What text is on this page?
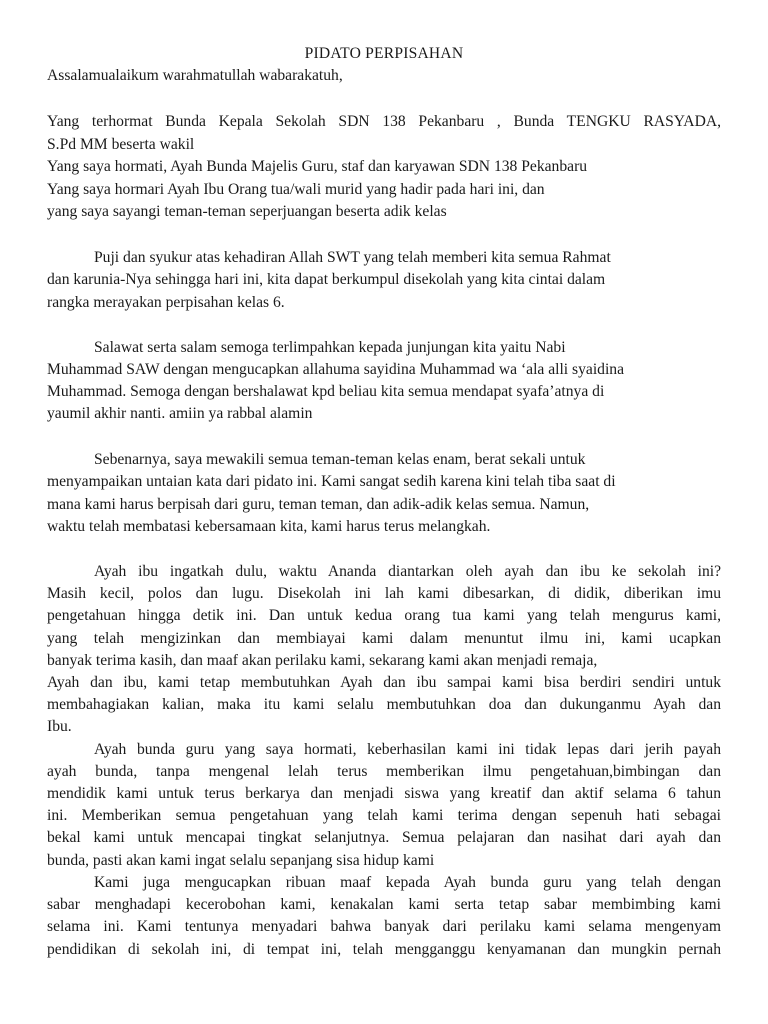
PIDATO PERPISAHAN
Assalamualaikum warahmatullah wabarakatuh,
Yang terhormat Bunda Kepala Sekolah SDN 138 Pekanbaru , Bunda TENGKU RASYADA,
S.Pd MM beserta wakil
Yang saya hormati, Ayah Bunda Majelis Guru, staf dan karyawan SDN 138 Pekanbaru
Yang saya hormari Ayah Ibu Orang tua/wali murid yang hadir pada hari ini, dan
yang saya sayangi teman-teman seperjuangan beserta adik kelas
Puji dan syukur atas kehadiran Allah SWT yang telah memberi kita semua Rahmat
dan karunia-Nya sehingga hari ini, kita dapat berkumpul disekolah yang kita cintai dalam
rangka merayakan perpisahan kelas 6.
Salawat serta salam semoga terlimpahkan kepada junjungan kita yaitu Nabi
Muhammad SAW dengan mengucapkan allahuma sayidina Muhammad wa ‘ala alli syaidina
Muhammad. Semoga dengan bershalawat kpd beliau kita semua mendapat syafa’atnya di
yaumil akhir nanti. amiin ya rabbal alamin
Sebenarnya, saya mewakili semua teman-teman kelas enam, berat sekali untuk
menyampaikan untaian kata dari pidato ini. Kami sangat sedih karena kini telah tiba saat di
mana kami harus berpisah dari guru, teman teman, dan adik-adik kelas semua. Namun,
waktu telah membatasi kebersamaan kita, kami harus terus melangkah.
Ayah ibu ingatkah dulu, waktu Ananda diantarkan oleh ayah dan ibu ke sekolah ini?
Masih kecil, polos dan lugu. Disekolah ini lah kami dibesarkan, di didik, diberikan imu
pengetahuan hingga detik ini. Dan untuk kedua orang tua kami yang telah mengurus kami,
yang telah mengizinkan dan membiayai kami dalam menuntut ilmu ini, kami ucapkan
banyak terima kasih, dan maaf akan perilaku kami, sekarang kami akan menjadi remaja,
Ayah dan ibu, kami tetap membutuhkan Ayah dan ibu sampai kami bisa berdiri sendiri untuk
membahagiakan kalian, maka itu kami selalu membutuhkan doa dan dukunganmu Ayah dan
Ibu.
Ayah bunda guru yang saya hormati, keberhasilan kami ini tidak lepas dari jerih payah
ayah bunda, tanpa mengenal lelah terus memberikan ilmu pengetahuan,bimbingan dan
mendidik kami untuk terus berkarya dan menjadi siswa yang kreatif dan aktif selama 6 tahun
ini. Memberikan semua pengetahuan yang telah kami terima dengan sepenuh hati sebagai
bekal kami untuk mencapai tingkat selanjutnya. Semua pelajaran dan nasihat dari ayah dan
bunda, pasti akan kami ingat selalu sepanjang sisa hidup kami
Kami juga mengucapkan ribuan maaf kepada Ayah bunda guru yang telah dengan
sabar menghadapi kecerobohan kami, kenakalan kami serta tetap sabar membimbing kami
selama ini. Kami tentunya menyadari bahwa banyak dari perilaku kami selama mengenyam
pendidikan di sekolah ini, di tempat ini, telah mengganggu kenyamanan dan mungkin pernah
